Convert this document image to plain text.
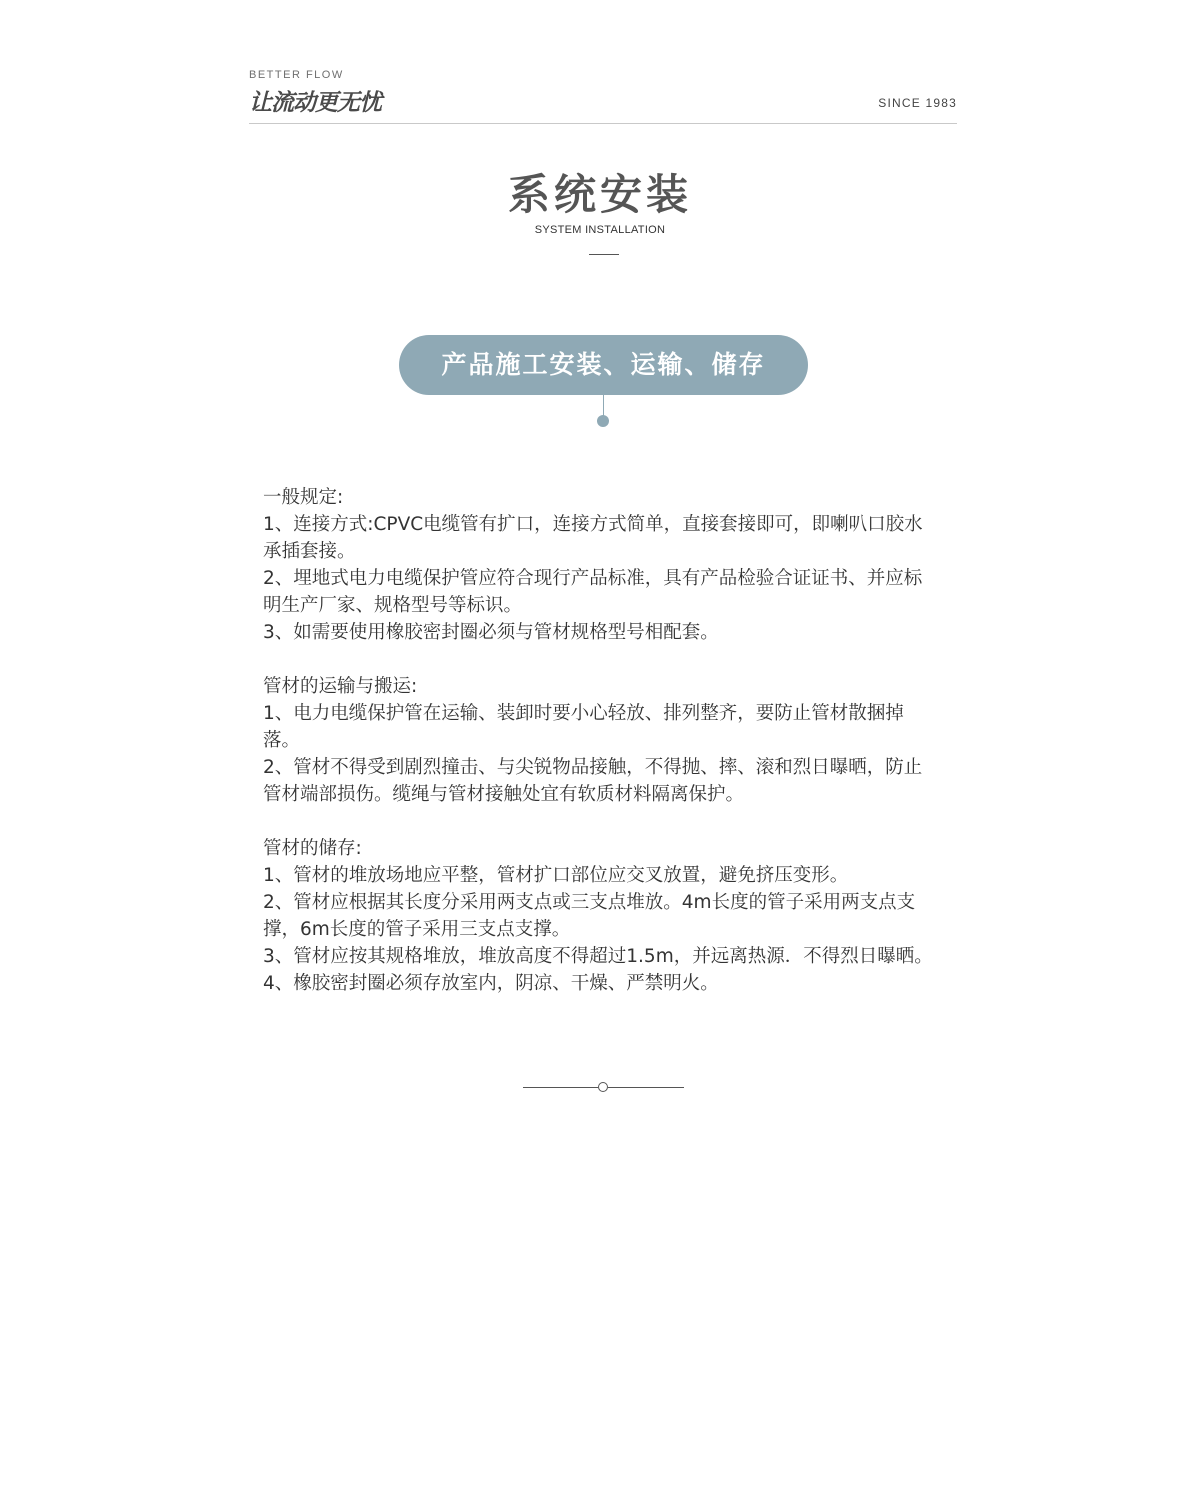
BETTER FLOW
让流动更无忧	SINCE 1983
系统安装
SYSTEM INSTALLATION
产品施工安装、运输、储存

一般规定:

1、连接方式:CPVC电缆管有扩口，连接方式简单，直接套接即可，即喇叭口胶水承插套接。

2、埋地式电力电缆保护管应符合现行产品标准，具有产品检验合证证书、并应标明生产厂家、规格型号等标识。

3、如需要使用橡胶密封圈必须与管材规格型号相配套。

管材的运输与搬运:

1、电力电缆保护管在运输、装卸时要小心轻放、排列整齐，要防止管材散捆掉落。

2、管材不得受到剧烈撞击、与尖锐物品接触，不得抛、摔、滚和烈日曝晒，防止管材端部损伤。缆绳与管材接触处宜有软质材料隔离保护。

管材的储存:

1、管材的堆放场地应平整，管材扩口部位应交叉放置，避免挤压变形。

2、管材应根据其长度分采用两支点或三支点堆放。4m长度的管子采用两支点支撑，6m长度的管子采用三支点支撑。

3、管材应按其规格堆放，堆放高度不得超过1.5m，并远离热源．不得烈日曝晒。

4、橡胶密封圈必须存放室内，阴凉、干燥、严禁明火。
